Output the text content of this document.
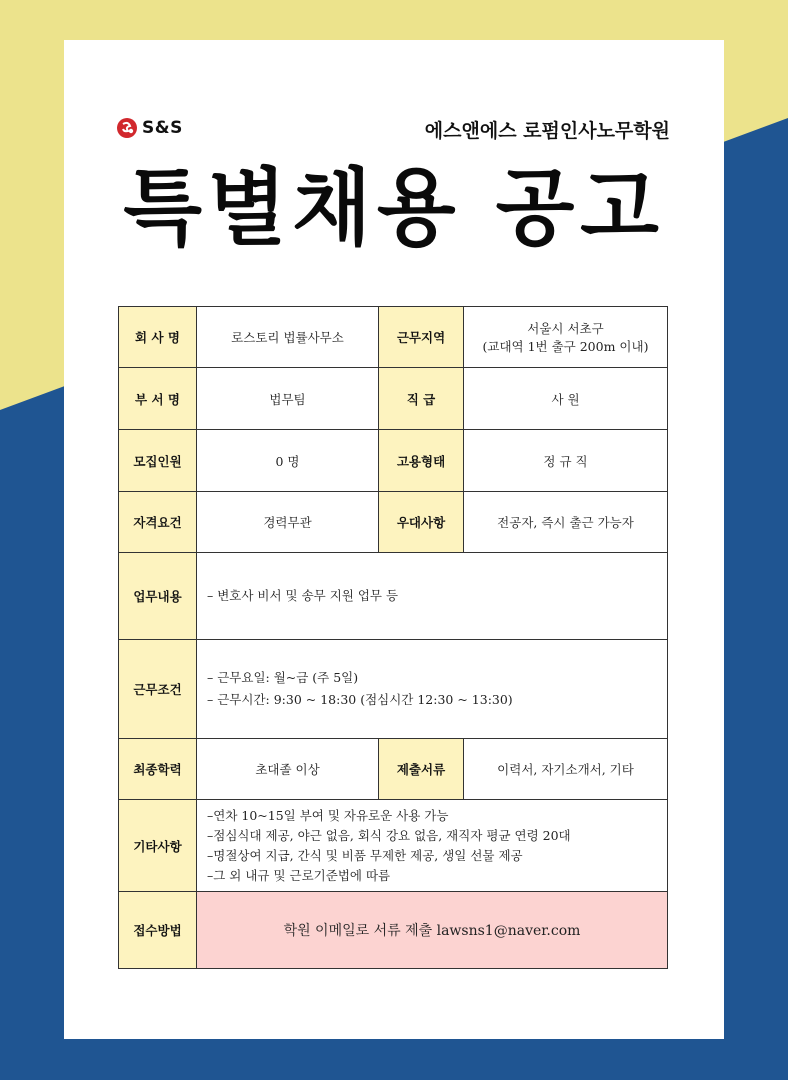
S&S	에스앤에스 로펌인사노무학원
특별채용 공고
회 사 명	로스토리 법률사무소	근무지역	서울시 서초구
(교대역 1번 출구 200m 이내)

부 서 명	법무팀	직 급	사 원
모집인원	0 명	고용형태	정 규 직
자격요건	경력무관	우대사항	전공자, 즉시 출근 가능자
업무내용	– 변호사 비서 및 송무 지원 업무 등		
근무조건	– 근무요일: 월~금 (주 5일)
– 근무시간: 9:30 ~ 18:30 (점심시간 12:30 ~ 13:30)		

최종학력	초대졸 이상	제출서류	이력서, 자기소개서, 기타
기타사항	–연차 10~15일 부여 및 자유로운 사용 가능
–점심식대 제공, 야근 없음, 회식 강요 없음, 재직자 평균 연령 20대
–명절상여 지급, 간식 및 비품 무제한 제공, 생일 선물 제공
–그 외 내규 및 근로기준법에 따름		

접수방법	학원 이메일로 서류 제출 lawsns1@naver.com		
